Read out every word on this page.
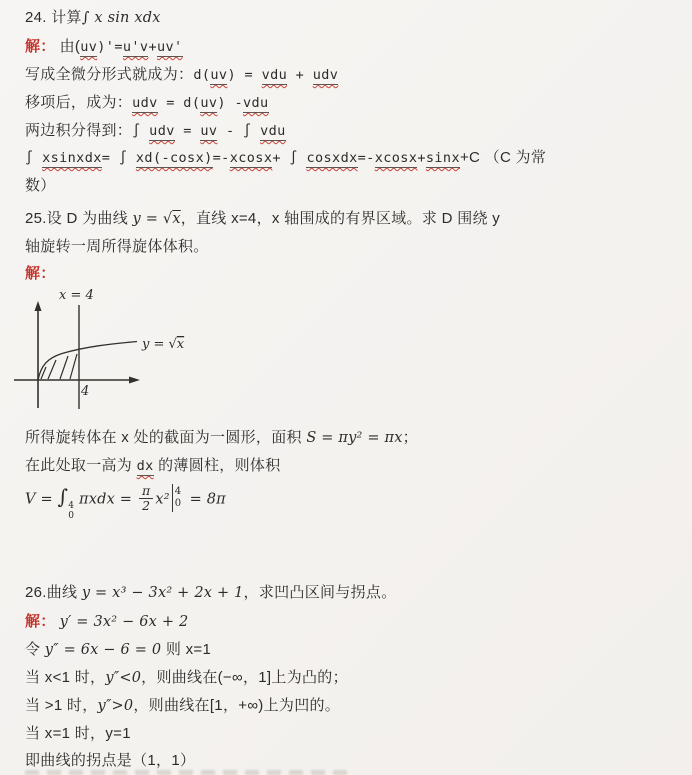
24. 计算∫ x sin xdx
解： 由(uv)'=u'v+uv'
写成全微分形式就成为：d(uv) = vdu + udv
移项后，成为：udv = d(uv) -vdu
两边积分得到：∫ udv = uv - ∫ vdu
∫ xsinxdx= ∫ xd(-cosx)=-xcosx+ ∫ cosxdx=-xcosx+sinx+C （C 为常
数）
25.设 D 为曲线 y = √x，直线 x=4，x 轴围成的有界区域。求 D 围绕 y
轴旋转一周所得旋体体积。
解：
x = 4
y = √x
4
所得旋转体在 x 处的截面为一圆形，面积 S = πy² = πx；
在此处取一高为 dx 的薄圆柱，则体积
V = ∫ 4
0
$\pi xdx = \frac{\pi}{2} x^2$ 4
0 = 8π
26.曲线 y = x³ − 3x² + 2x + 1，求凹凸区间与拐点。
解： y′ = 3x² − 6x + 2
令 y″ = 6x − 6 = 0 则 x=1
当 x<1 时，y″<0，则曲线在(−∞，1]上为凸的；
当 >1 时，y″>0，则曲线在[1，+∞)上为凹的。
当 x=1 时，y=1
即曲线的拐点是（1，1）
